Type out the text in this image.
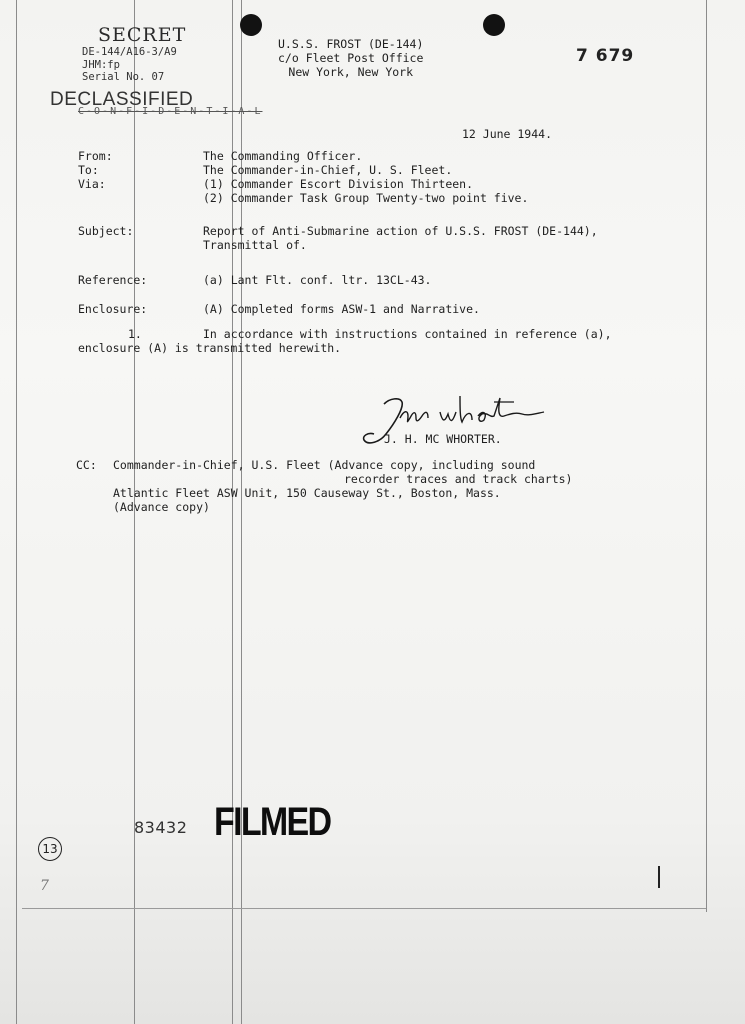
SECRET
DE-144/A16-3/A9
JHM:fp
Serial No. 07
DECLASSIFIED
C-O-N-F-I-D-E-N-T-I-A-L
U.S.S. FROST (DE-144)
c/o Fleet Post Office
New York, New York
7 679
12 June 1944.
From:	The Commanding Officer.
To:	The Commander-in-Chief, U. S. Fleet.
Via:	(1) Commander Escort Division Thirteen.
(2) Commander Task Group Twenty-two point five.
Subject:	Report of Anti-Submarine action of U.S.S. FROST (DE-144),
Transmittal of.
Reference:	(a) Lant Flt. conf. ltr. 13CL-43.
Enclosure:	(A) Completed forms ASW-1 and Narrative.
1.	In accordance with instructions contained in reference (a),
enclosure (A) is transmitted herewith.
J. H. MC WHORTER.
CC:	Commander-in-Chief, U.S. Fleet (Advance copy, including sound
recorder traces and track charts)
Atlantic Fleet ASW Unit, 150 Causeway St., Boston, Mass.
(Advance copy)
83432 FILMED
13
7
